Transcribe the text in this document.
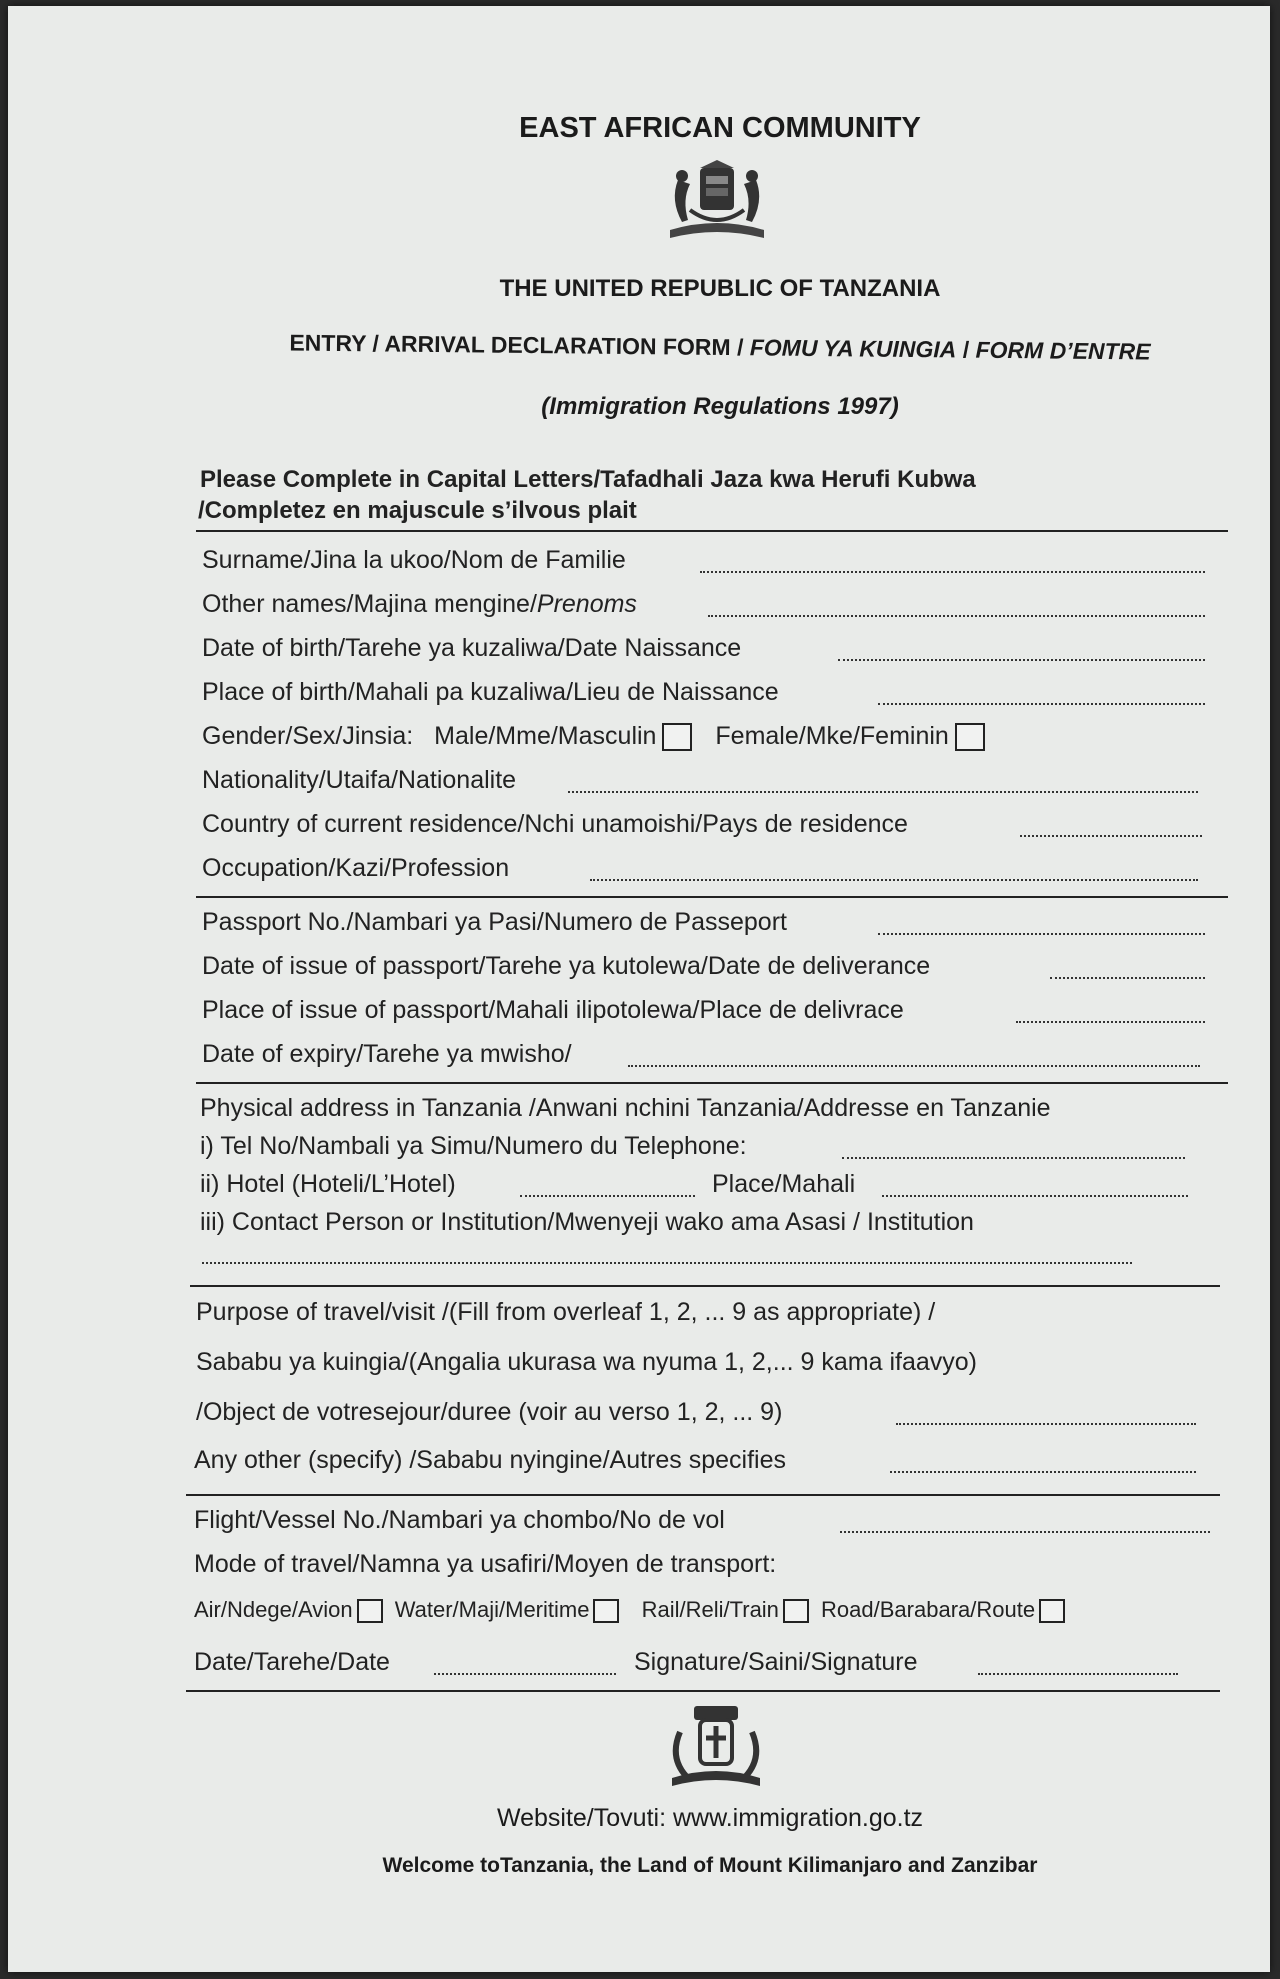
EAST AFRICAN COMMUNITY
THE UNITED REPUBLIC OF TANZANIA
ENTRY / ARRIVAL DECLARATION FORM / FOMU YA KUINGIA / FORM D’ENTRE
(Immigration Regulations 1997)
Please Complete in Capital Letters/Tafadhali Jaza kwa Herufi Kubwa
/Completez en majuscule s’ilvous plait
Surname/Jina la ukoo/Nom de Familie
Other names/Majina mengine/Prenoms
Date of birth/Tarehe ya kuzaliwa/Date Naissance
Place of birth/Mahali pa kuzaliwa/Lieu de Naissance
Gender/Sex/Jinsia: Male/Mme/Masculin Female/Mke/Feminin
Nationality/Utaifa/Nationalite
Country of current residence/Nchi unamoishi/Pays de residence
Occupation/Kazi/Profession
Passport No./Nambari ya Pasi/Numero de Passeport
Date of issue of passport/Tarehe ya kutolewa/Date de deliverance
Place of issue of passport/Mahali ilipotolewa/Place de delivrace
Date of expiry/Tarehe ya mwisho/
Physical address in Tanzania /Anwani nchini Tanzania/Addresse en Tanzanie
i) Tel No/Nambali ya Simu/Numero du Telephone:
ii) Hotel (Hoteli/L’Hotel)	Place/Mahali
iii) Contact Person or Institution/Mwenyeji wako ama Asasi / Institution
Purpose of travel/visit /(Fill from overleaf 1, 2, ... 9 as appropriate) /
Sababu ya kuingia/(Angalia ukurasa wa nyuma 1, 2,... 9 kama ifaavyo)
/Object de votresejour/duree (voir au verso 1, 2, ... 9)
Any other (specify) /Sababu nyingine/Autres specifies
Flight/Vessel No./Nambari ya chombo/No de vol
Mode of travel/Namna ya usafiri/Moyen de transport:
Air/Ndege/Avion Water/Maji/Meritime Rail/Reli/Train Road/Barabara/Route
Date/Tarehe/Date	Signature/Saini/Signature
Website/Tovuti: www.immigration.go.tz
Welcome toTanzania, the Land of Mount Kilimanjaro and Zanzibar
